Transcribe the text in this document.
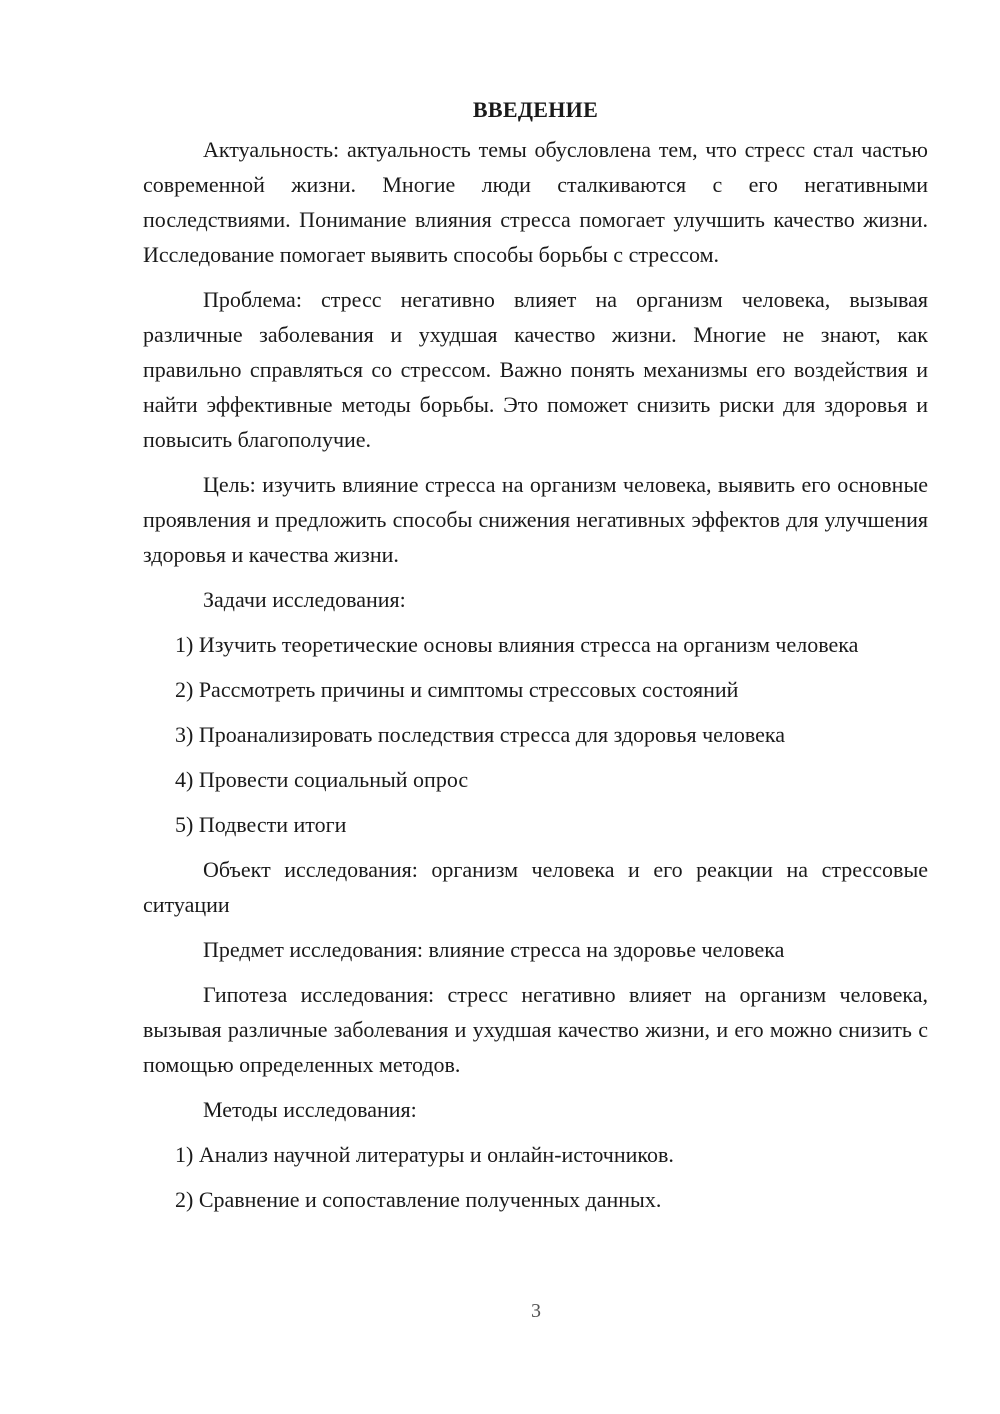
ВВЕДЕНИЕ

Актуальность: актуальность темы обусловлена тем, что стресс стал частью современной жизни. Многие люди сталкиваются с его негативными последствиями. Понимание влияния стресса помогает улучшить качество жизни. Исследование помогает выявить способы борьбы с стрессом.

Проблема: стресс негативно влияет на организм человека, вызывая различные заболевания и ухудшая качество жизни. Многие не знают, как правильно справляться со стрессом. Важно понять механизмы его воздействия и найти эффективные методы борьбы. Это поможет снизить риски для здоровья и повысить благополучие.

Цель: изучить влияние стресса на организм человека, выявить его основные проявления и предложить способы снижения негативных эффектов для улучшения здоровья и качества жизни.

Задачи исследования:

1) Изучить теоретические основы влияния стресса на организм человека

2) Рассмотреть причины и симптомы стрессовых состояний

3) Проанализировать последствия стресса для здоровья человека

4) Провести социальный опрос

5) Подвести итоги

Объект исследования: организм человека и его реакции на стрессовые ситуации

Предмет исследования: влияние стресса на здоровье человека

Гипотеза исследования: стресс негативно влияет на организм человека, вызывая различные заболевания и ухудшая качество жизни, и его можно снизить с помощью определенных методов.

Методы исследования:

1) Анализ научной литературы и онлайн-источников.

2) Сравнение и сопоставление полученных данных.

3
